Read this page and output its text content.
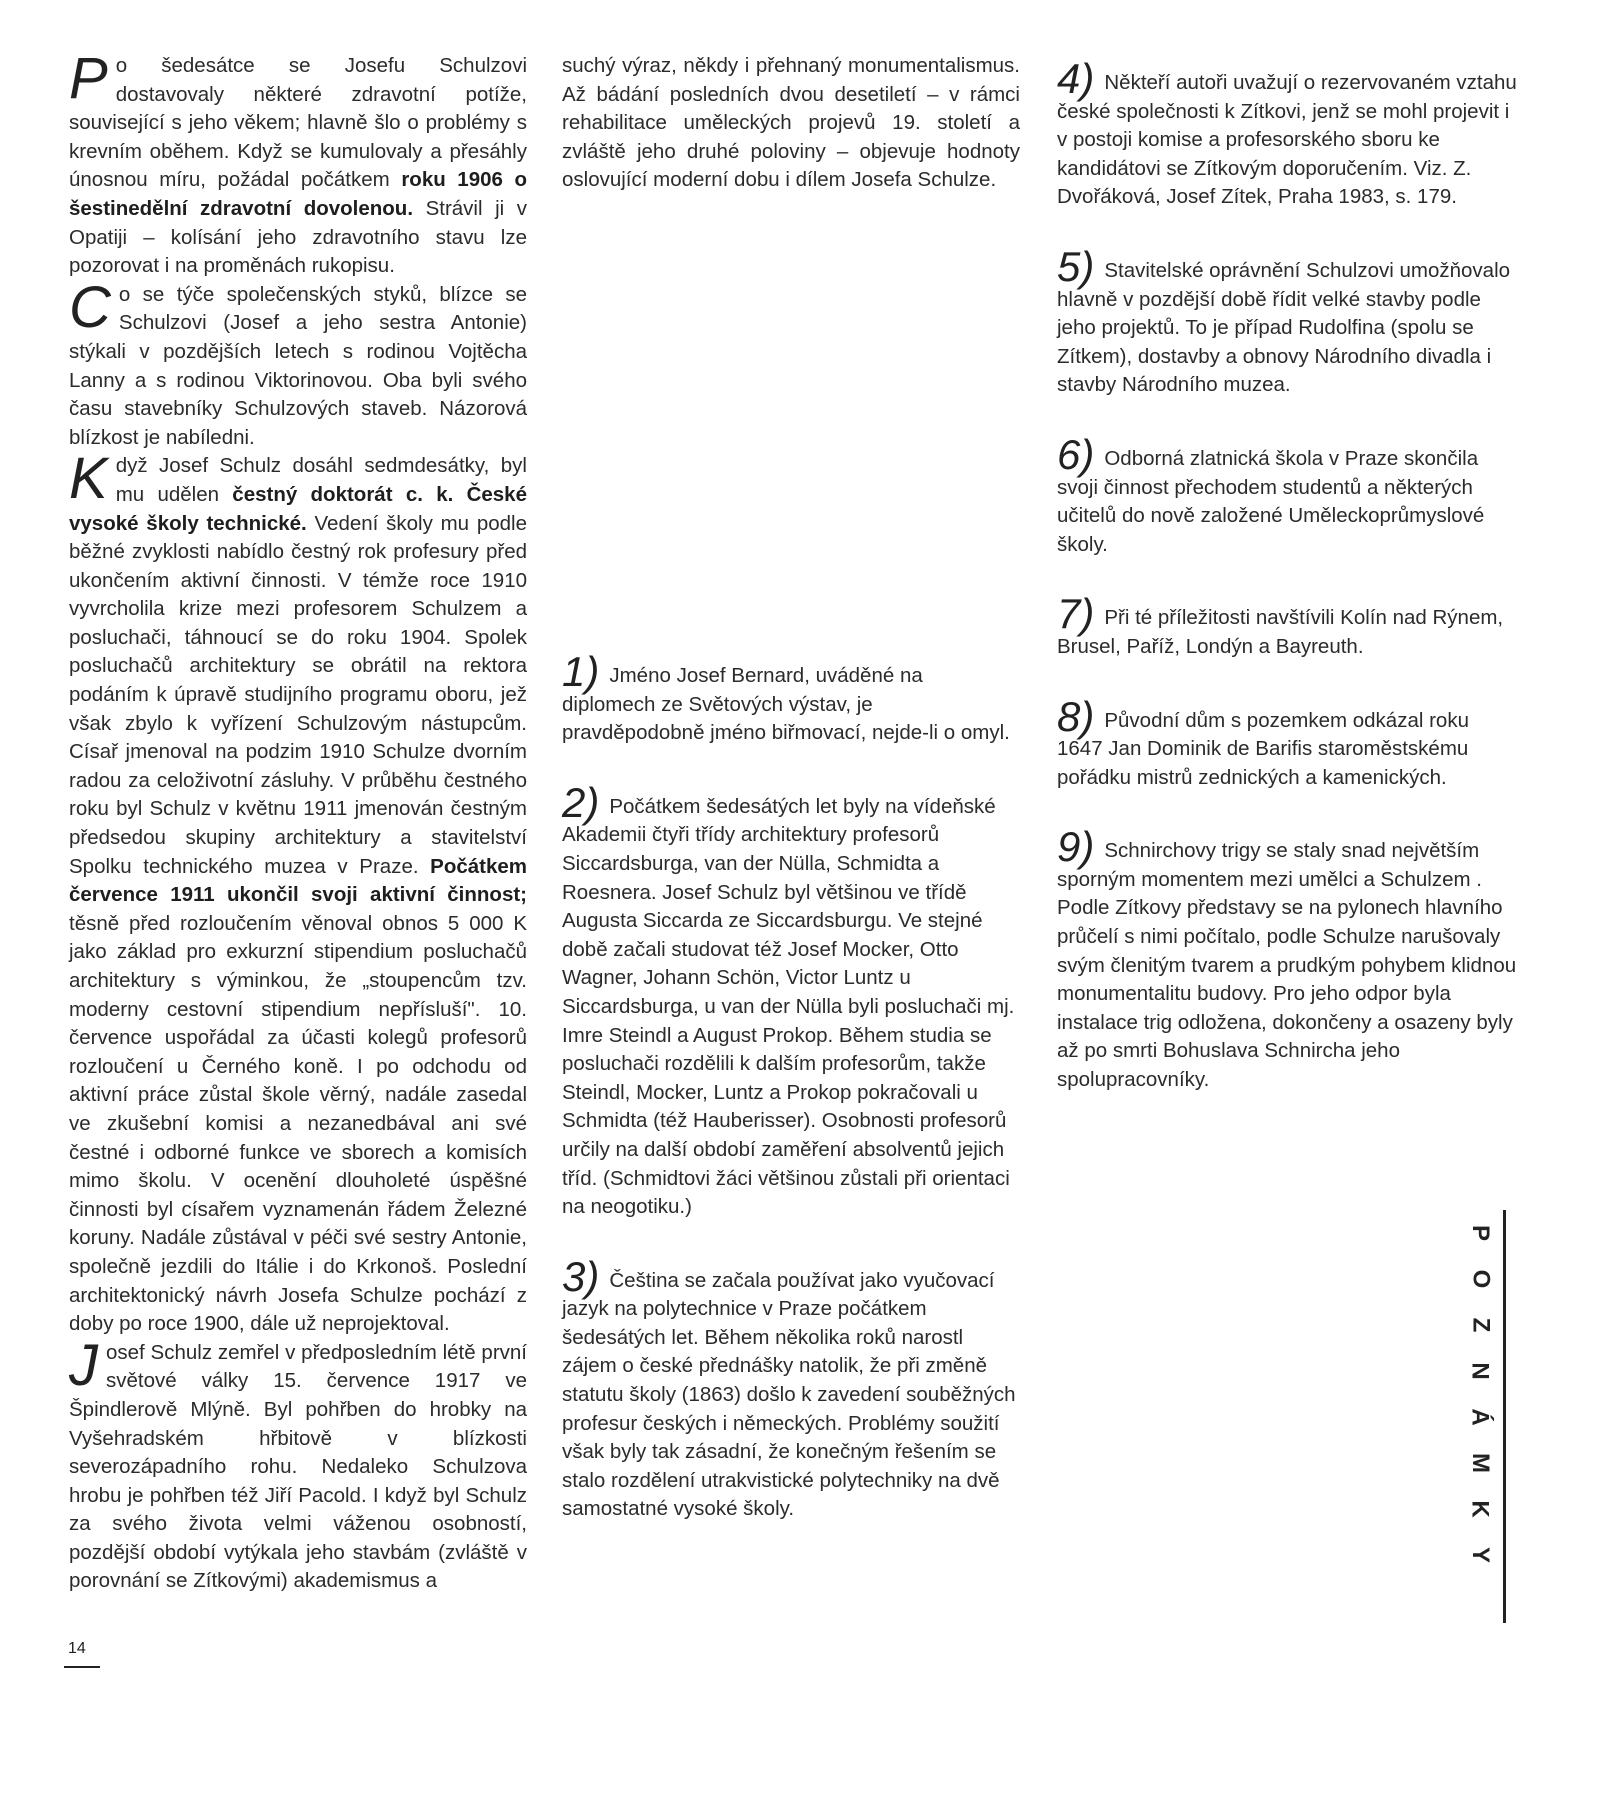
Po šedesátce se Josefu Schulzovi dostavovaly některé zdravotní potíže, související s jeho věkem; hlavně šlo o problémy s krevním oběhem. Když se kumulovaly a přesáhly únosnou míru, požádal počátkem roku 1906 o šestinedělní zdravotní dovolenou. Strávil ji v Opatiji – kolísání jeho zdravotního stavu lze pozorovat i na proměnách rukopisu.

Co se týče společenských styků, blízce se Schulzovi (Josef a jeho sestra Antonie) stýkali v pozdějších letech s rodinou Vojtěcha Lanny a s rodinou Viktorinovou. Oba byli svého času stavebníky Schulzových staveb. Názorová blízkost je nabíledni.

Když Josef Schulz dosáhl sedmdesátky, byl mu udělen čestný doktorát c. k. České vysoké školy technické. Vedení školy mu podle běžné zvyklosti nabídlo čestný rok profesury před ukončením aktivní činnosti. V témže roce 1910 vyvrcholila krize mezi profesorem Schulzem a posluchači, táhnoucí se do roku 1904. Spolek posluchačů architektury se obrátil na rektora podáním k úpravě studijního programu oboru, jež však zbylo k vyřízení Schulzovým nástupcům. Císař jmenoval na podzim 1910 Schulze dvorním radou za celoživotní zásluhy. V průběhu čestného roku byl Schulz v květnu 1911 jmenován čestným předsedou skupiny architektury a stavitelství Spolku technického muzea v Praze. Počátkem července 1911 ukončil svoji aktivní činnost; těsně před rozloučením věnoval obnos 5 000 K jako základ pro exkurzní stipendium posluchačů architektury s výminkou, že „stoupencům tzv. moderny cestovní stipendium nepřísluší". 10. července uspořádal za účasti kolegů profesorů rozloučení u Černého koně. I po odchodu od aktivní práce zůstal škole věrný, nadále zasedal ve zkušební komisi a nezanedbával ani své čestné i odborné funkce ve sborech a komisích mimo školu. V ocenění dlouholeté úspěšné činnosti byl císařem vyznamenán řádem Železné koruny. Nadále zůstával v péči své sestry Antonie, společně jezdili do Itálie i do Krkonoš. Poslední architektonický návrh Josefa Schulze pochází z doby po roce 1900, dále už neprojektoval.

Josef Schulz zemřel v předposledním létě první světové války 15. července 1917 ve Špindlerově Mlýně. Byl pohřben do hrobky na Vyšehradském hřbitově v blízkosti severozápadního rohu. Nedaleko Schulzova hrobu je pohřben též Jiří Pacold. I když byl Schulz za svého života velmi váženou osobností, pozdější období vytýkala jeho stavbám (zvláště v porovnání se Zítkovými) akademismus a

suchý výraz, někdy i přehnaný monumentalismus. Až bádání posledních dvou desetiletí – v rámci rehabilitace uměleckých projevů 19. století a zvláště jeho druhé poloviny – objevuje hodnoty oslovující moderní dobu i dílem Josefa Schulze.

1) Jméno Josef Bernard, uváděné na diplomech ze Světových výstav, je pravděpodobně jméno biřmovací, nejde-li o omyl.

2) Počátkem šedesátých let byly na vídeňské Akademii čtyři třídy architektury profesorů Siccardsburga, van der Nülla, Schmidta a Roesnera. Josef Schulz byl většinou ve třídě Augusta Siccarda ze Siccardsburgu. Ve stejné době začali studovat též Josef Mocker, Otto Wagner, Johann Schön, Victor Luntz u Siccardsburga, u van der Nülla byli posluchači mj. Imre Steindl a August Prokop. Během studia se posluchači rozdělili k dalším profesorům, takže Steindl, Mocker, Luntz a Prokop pokračovali u Schmidta (též Hauberisser). Osobnosti profesorů určily na další období zaměření absolventů jejich tříd. (Schmidtovi žáci většinou zůstali při orientaci na neogotiku.)

3) Čeština se začala používat jako vyučovací jazyk na polytechnice v Praze počátkem šedesátých let. Během několika roků narostl zájem o české přednášky natolik, že při změně statutu školy (1863) došlo k zavedení souběžných profesur českých i německých. Problémy soužití však byly tak zásadní, že konečným řešením se stalo rozdělení utrakvistické polytechniky na dvě samostatné vysoké školy.

4) Někteří autoři uvažují o rezervovaném vztahu české společnosti k Zítkovi, jenž se mohl projevit i v postoji komise a profesorského sboru ke kandidátovi se Zítkovým doporučením. Viz. Z. Dvořáková, Josef Zítek, Praha 1983, s. 179.

5) Stavitelské oprávnění Schulzovi umožňovalo hlavně v pozdější době řídit velké stavby podle jeho projektů. To je případ Rudolfina (spolu se Zítkem), dostavby a obnovy Národního divadla i stavby Národního muzea.

6) Odborná zlatnická škola v Praze skončila svoji činnost přechodem studentů a některých učitelů do nově založené Uměleckoprůmyslové školy.

7) Při té příležitosti navštívili Kolín nad Rýnem, Brusel, Paříž, Londýn a Bayreuth.

8) Původní dům s pozemkem odkázal roku 1647 Jan Dominik de Barifis staroměstskému pořádku mistrů zednických a kamenických.

9) Schnirchovy trigy se staly snad největším sporným momentem mezi umělci a Schulzem . Podle Zítkovy představy se na pylonech hlavního průčelí s nimi počítalo, podle Schulze narušovaly svým členitým tvarem a prudkým pohybem klidnou monumentalitu budovy. Pro jeho odpor byla instalace trig odložena, dokončeny a osazeny byly až po smrti Bohuslava Schnircha jeho spolupracovníky.

P
O
Z
N
Á
M
K
Y
14
